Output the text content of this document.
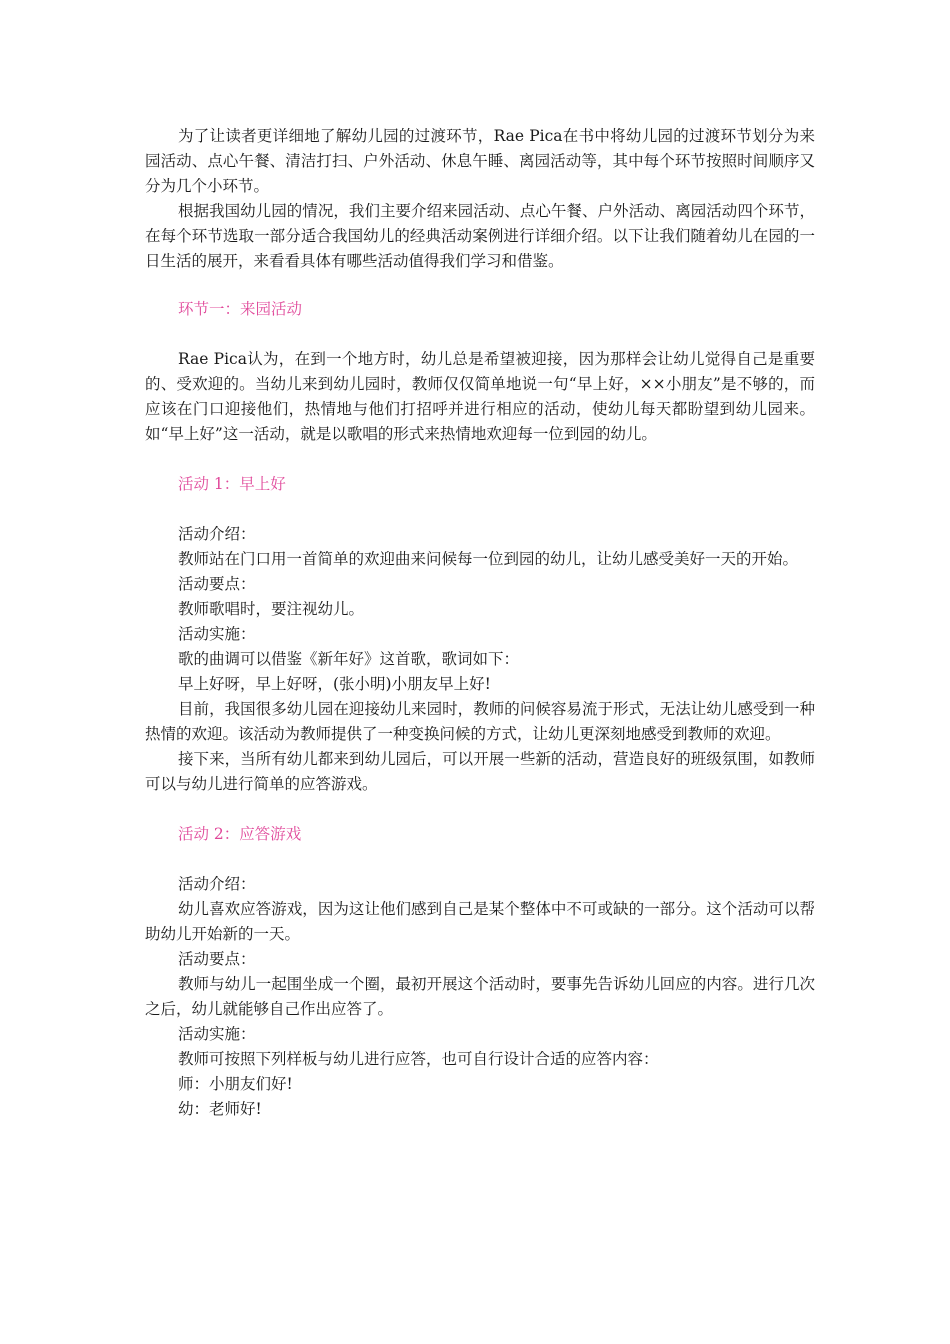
为了让读者更详细地了解幼儿园的过渡环节，Rae Pica在书中将幼儿园的过渡环节划分为来园活动、点心午餐、清洁打扫、户外活动、休息午睡、离园活动等，其中每个环节按照时间顺序又分为几个小环节。

根据我国幼儿园的情况，我们主要介绍来园活动、点心午餐、户外活动、离园活动四个环节，在每个环节选取一部分适合我国幼儿的经典活动案例进行详细介绍。以下让我们随着幼儿在园的一日生活的展开，来看看具体有哪些活动值得我们学习和借鉴。

环节一：来园活动

Rae Pica认为，在到一个地方时，幼儿总是希望被迎接，因为那样会让幼儿觉得自己是重要的、受欢迎的。当幼儿来到幼儿园时，教师仅仅简单地说一句“早上好，××小朋友”是不够的，而应该在门口迎接他们，热情地与他们打招呼并进行相应的活动，使幼儿每天都盼望到幼儿园来。如“早上好”这一活动，就是以歌唱的形式来热情地欢迎每一位到园的幼儿。

活动 1：早上好

活动介绍：

教师站在门口用一首简单的欢迎曲来问候每一位到园的幼儿，让幼儿感受美好一天的开始。

活动要点：

教师歌唱时，要注视幼儿。

活动实施：

歌的曲调可以借鉴《新年好》这首歌，歌词如下：

早上好呀，早上好呀，(张小明)小朋友早上好!

目前，我国很多幼儿园在迎接幼儿来园时，教师的问候容易流于形式，无法让幼儿感受到一种热情的欢迎。该活动为教师提供了一种变换问候的方式，让幼儿更深刻地感受到教师的欢迎。

接下来，当所有幼儿都来到幼儿园后，可以开展一些新的活动，营造良好的班级氛围，如教师可以与幼儿进行简单的应答游戏。

活动 2：应答游戏

活动介绍：

幼儿喜欢应答游戏，因为这让他们感到自己是某个整体中不可或缺的一部分。这个活动可以帮助幼儿开始新的一天。

活动要点：

教师与幼儿一起围坐成一个圈，最初开展这个活动时，要事先告诉幼儿回应的内容。进行几次之后，幼儿就能够自己作出应答了。

活动实施：

教师可按照下列样板与幼儿进行应答，也可自行设计合适的应答内容：

师：小朋友们好!

幼：老师好!
